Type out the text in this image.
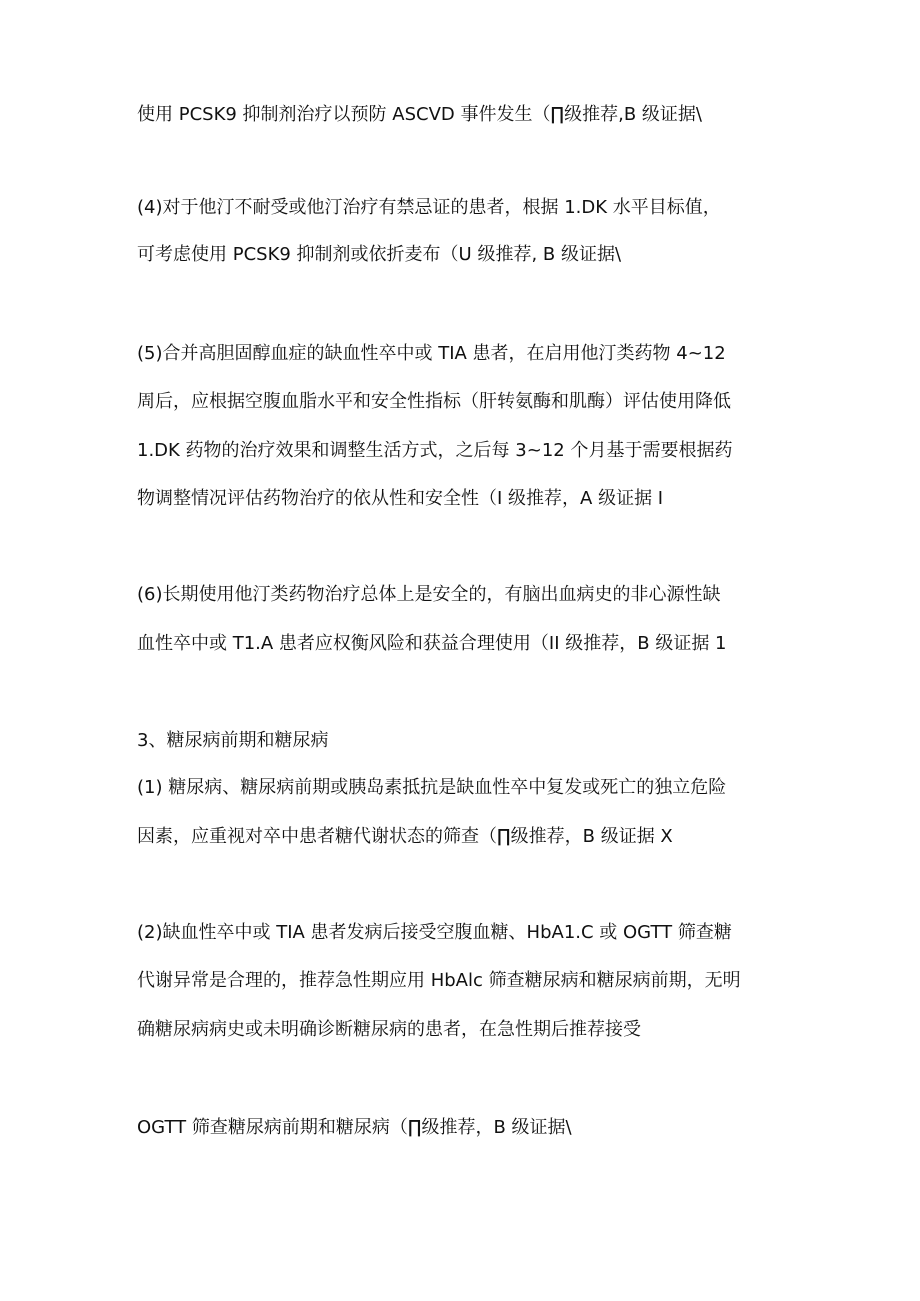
使用 PCSK9 抑制剂治疗以预防 ASCVD 事件发生（∏级推荐,B 级证据\
(4)对于他汀不耐受或他汀治疗有禁忌证的患者，根据 1.DK 水平目标值，
可考虑使用 PCSK9 抑制剂或依折麦布（U 级推荐, B 级证据\
(5)合并高胆固醇血症的缺血性卒中或 TIA 患者，在启用他汀类药物 4~12
周后，应根据空腹血脂水平和安全性指标（肝转氨酶和肌酶）评估使用降低
1.DK 药物的治疗效果和调整生活方式，之后每 3~12 个月基于需要根据药
物调整情况评估药物治疗的依从性和安全性（I 级推荐，A 级证据 I
(6)长期使用他汀类药物治疗总体上是安全的，有脑出血病史的非心源性缺
血性卒中或 T1.A 患者应权衡风险和获益合理使用（II 级推荐，B 级证据 1
3、糖尿病前期和糖尿病
(1) 糖尿病、糖尿病前期或胰岛素抵抗是缺血性卒中复发或死亡的独立危险
因素，应重视对卒中患者糖代谢状态的筛查（∏级推荐，B 级证据 X
(2)缺血性卒中或 TIA 患者发病后接受空腹血糖、HbA1.C 或 OGTT 筛查糖
代谢异常是合理的，推荐急性期应用 HbAlc 筛查糖尿病和糖尿病前期，无明
确糖尿病病史或未明确诊断糖尿病的患者，在急性期后推荐接受
OGTT 筛查糖尿病前期和糖尿病（∏级推荐，B 级证据\
